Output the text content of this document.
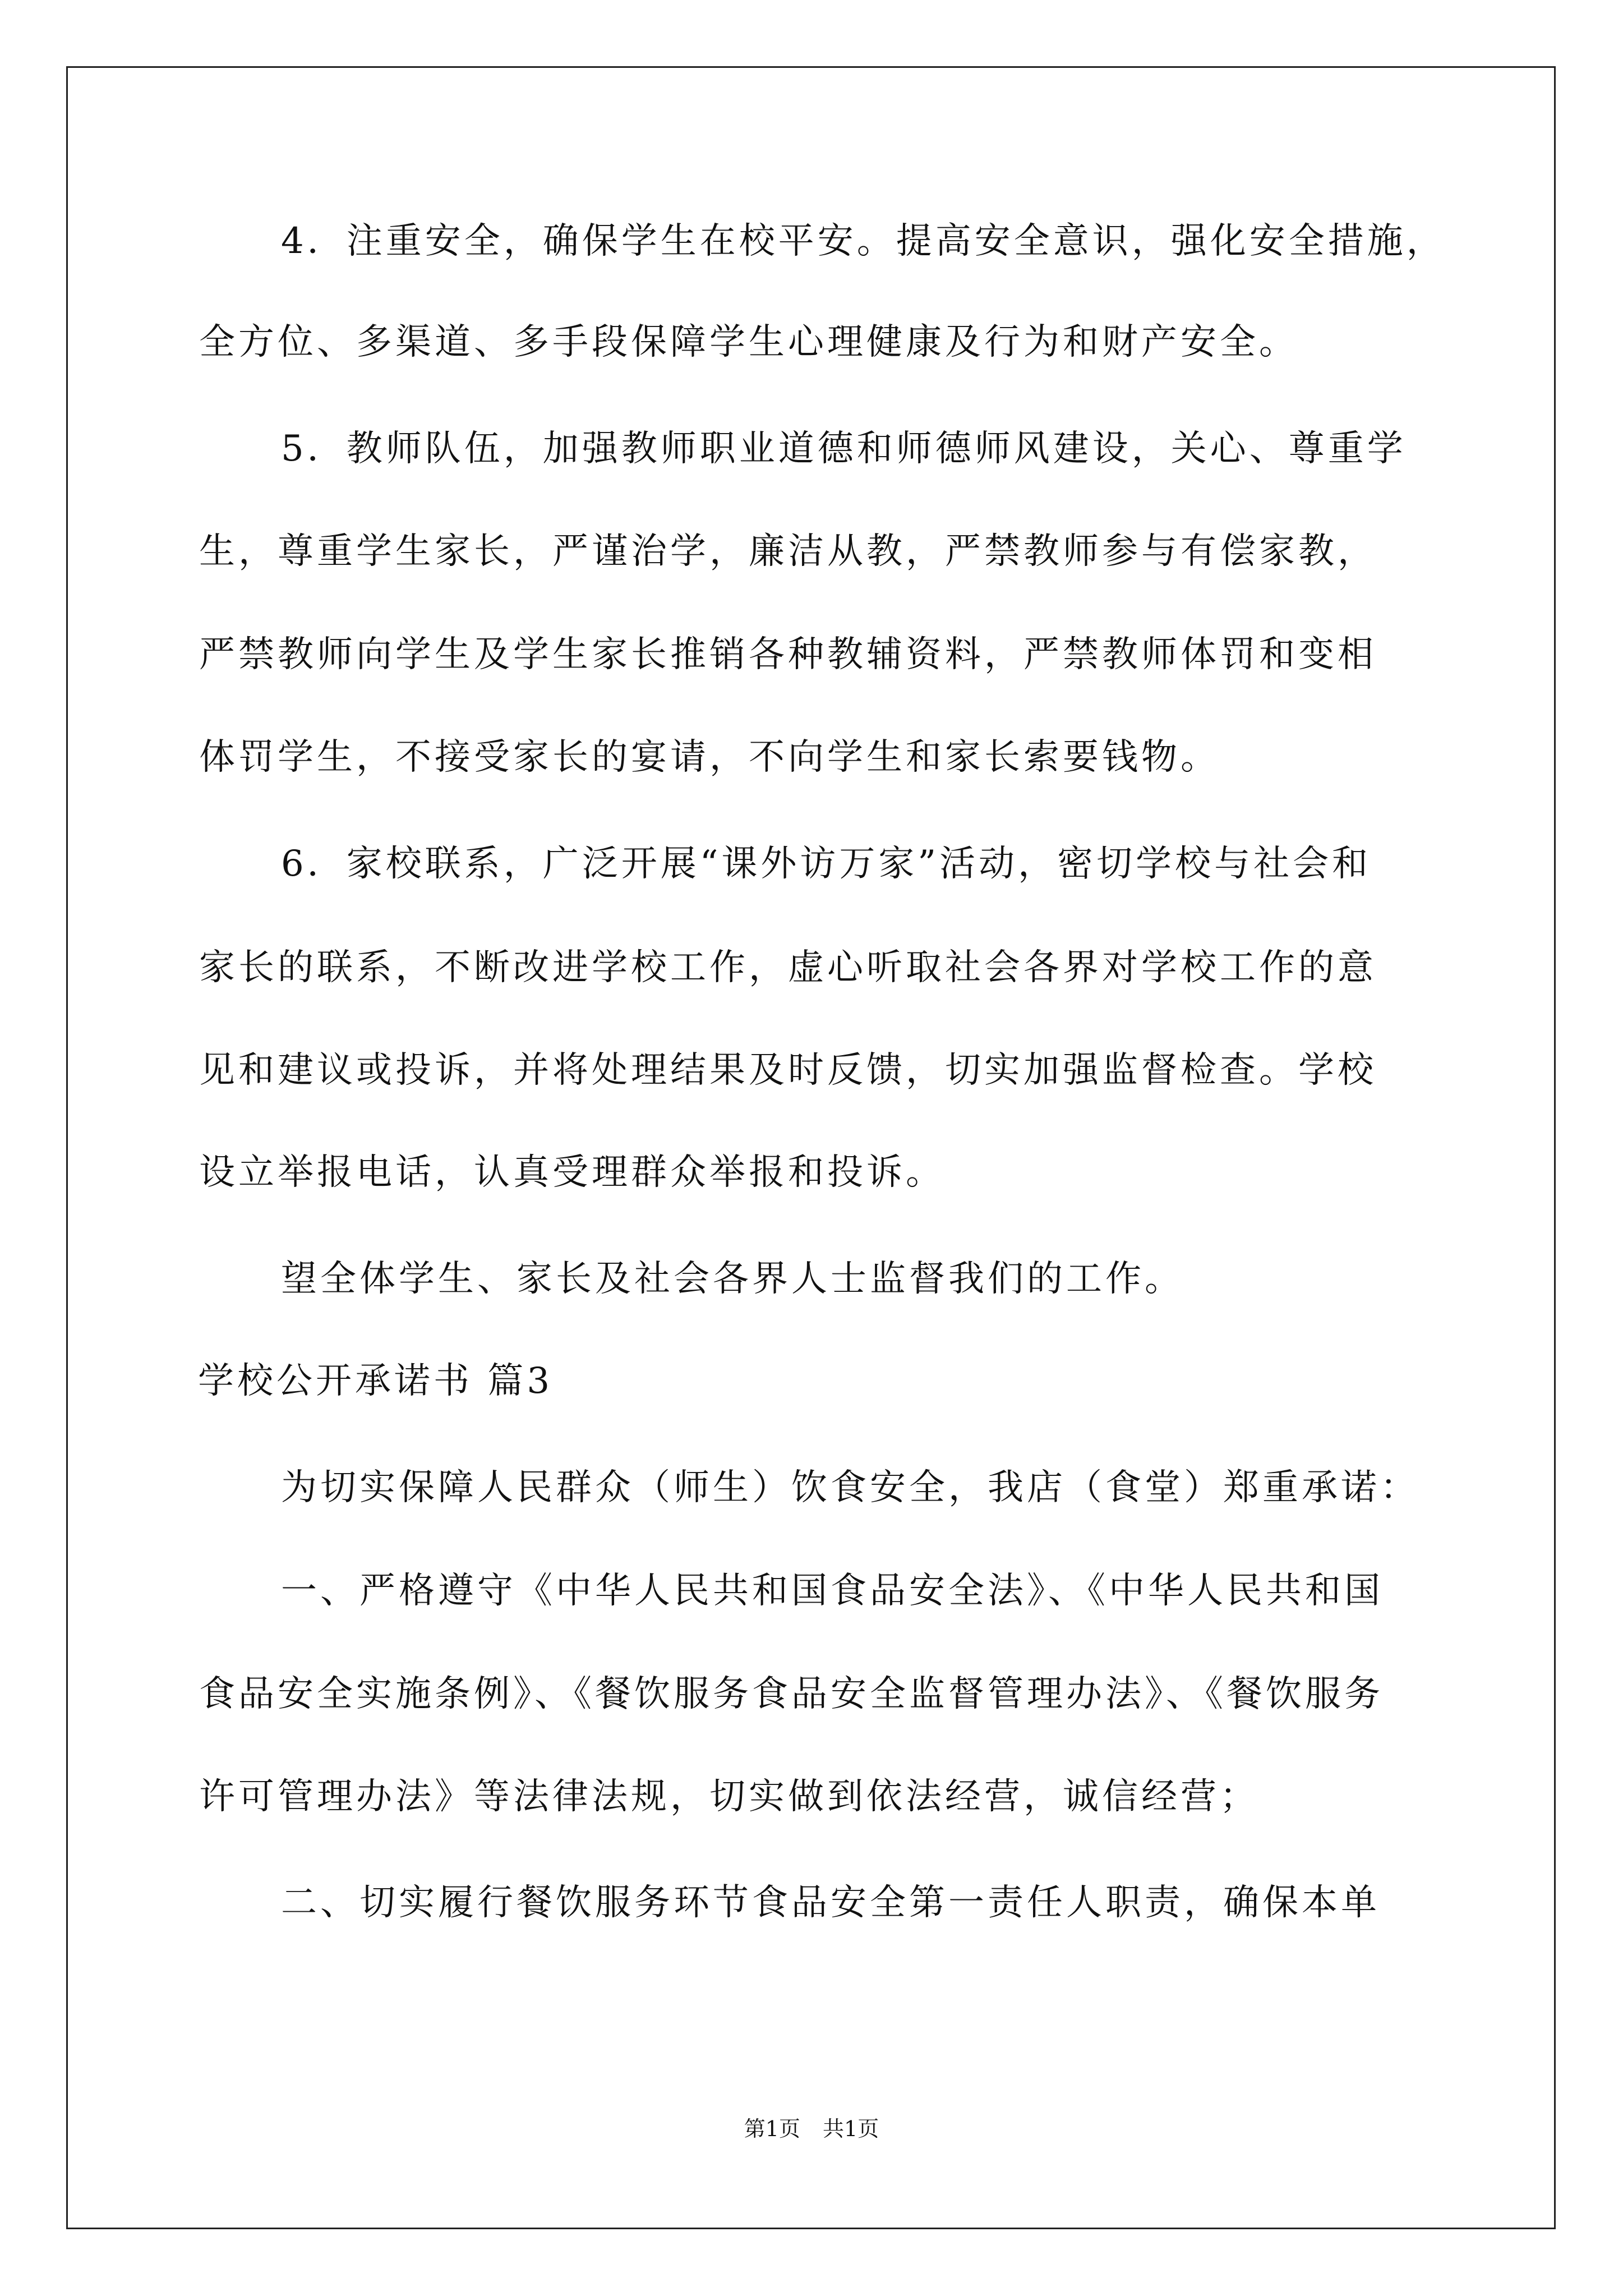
4．注重安全，确保学生在校平安。提高安全意识，强化安全措施，
全方位、多渠道、多手段保障学生心理健康及行为和财产安全。
5．教师队伍，加强教师职业道德和师德师风建设，关心、尊重学
生，尊重学生家长，严谨治学，廉洁从教，严禁教师参与有偿家教，
严禁教师向学生及学生家长推销各种教辅资料，严禁教师体罚和变相
体罚学生，不接受家长的宴请，不向学生和家长索要钱物。
6．家校联系，广泛开展“课外访万家”活动，密切学校与社会和
家长的联系，不断改进学校工作，虚心听取社会各界对学校工作的意
见和建议或投诉，并将处理结果及时反馈，切实加强监督检查。学校
设立举报电话，认真受理群众举报和投诉。
望全体学生、家长及社会各界人士监督我们的工作。
学校公开承诺书 篇3
为切实保障人民群众（师生）饮食安全，我店（食堂）郑重承诺：
一、严格遵守《中华人民共和国食品安全法》、《中华人民共和国
食品安全实施条例》、《餐饮服务食品安全监督管理办法》、《餐饮服务
许可管理办法》等法律法规，切实做到依法经营，诚信经营；
二、切实履行餐饮服务环节食品安全第一责任人职责，确保本单
第1页 共1页
